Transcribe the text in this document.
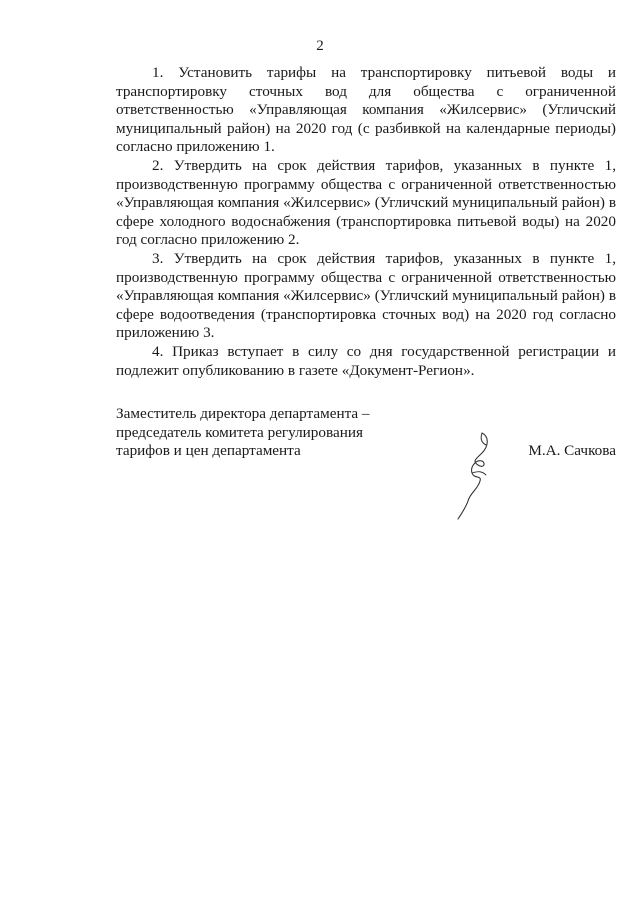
2

1. Установить тарифы на транспортировку питьевой воды и транспортировку сточных вод для общества с ограниченной ответственностью «Управляющая компания «Жилсервис» (Угличский муниципальный район) на 2020 год (с разбивкой на календарные периоды) согласно приложению 1.

2. Утвердить на срок действия тарифов, указанных в пункте 1, производственную программу общества с ограниченной ответственностью «Управляющая компания «Жилсервис» (Угличский муниципальный район) в сфере холодного водоснабжения (транспортировка питьевой воды) на 2020 год согласно приложению 2.

3. Утвердить на срок действия тарифов, указанных в пункте 1, производственную программу общества с ограниченной ответственностью «Управляющая компания «Жилсервис» (Угличский муниципальный район) в сфере водоотведения (транспортировка сточных вод) на 2020 год согласно приложению 3.

4. Приказ вступает в силу со дня государственной регистрации и подлежит опубликованию в газете «Документ-Регион».

Заместитель директора департамента –
председатель комитета регулирования
тарифов и цен департамента	М.А. Сачкова
